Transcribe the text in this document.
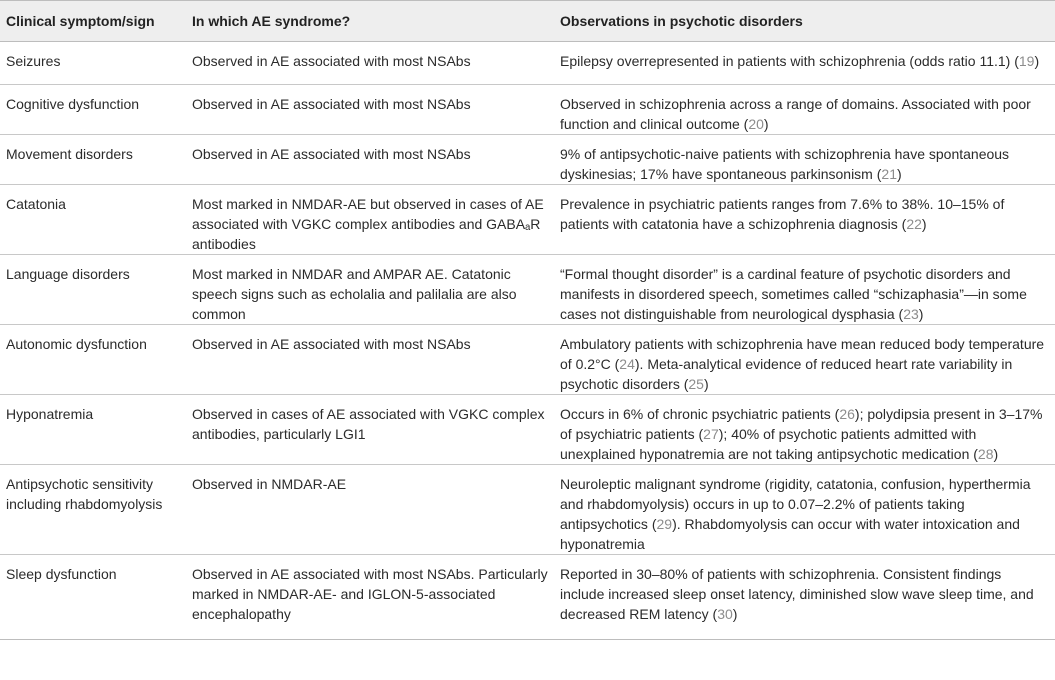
Clinical symptom/sign	In which AE syndrome?	Observations in psychotic disorders
Seizures	Observed in AE associated with most NSAbs	Epilepsy overrepresented in patients with schizophrenia (odds ratio 11.1) (19)
Cognitive dysfunction	Observed in AE associated with most NSAbs	Observed in schizophrenia across a range of domains. Associated with poor function and clinical outcome (20)
Movement disorders	Observed in AE associated with most NSAbs	9% of antipsychotic-naive patients with schizophrenia have spontaneous dyskinesias; 17% have spontaneous parkinsonism (21)
Catatonia	Most marked in NMDAR-AE but observed in cases of AE associated with VGKC complex antibodies and GABAₐR antibodies	Prevalence in psychiatric patients ranges from 7.6% to 38%. 10–15% of patients with catatonia have a schizophrenia diagnosis (22)
Language disorders	Most marked in NMDAR and AMPAR AE. Catatonic speech signs such as echolalia and palilalia are also common	“Formal thought disorder” is a cardinal feature of psychotic disorders and manifests in disordered speech, sometimes called “schizaphasia”—in some cases not distinguishable from neurological dysphasia (23)
Autonomic dysfunction	Observed in AE associated with most NSAbs	Ambulatory patients with schizophrenia have mean reduced body temperature of 0.2°C (24). Meta-analytical evidence of reduced heart rate variability in psychotic disorders (25)
Hyponatremia	Observed in cases of AE associated with VGKC complex antibodies, particularly LGI1	Occurs in 6% of chronic psychiatric patients (26); polydipsia present in 3–17% of psychiatric patients (27); 40% of psychotic patients admitted with unexplained hyponatremia are not taking antipsychotic medication (28)
Antipsychotic sensitivity including rhabdomyolysis	Observed in NMDAR-AE	Neuroleptic malignant syndrome (rigidity, catatonia, confusion, hyperthermia and rhabdomyolysis) occurs in up to 0.07–2.2% of patients taking antipsychotics (29). Rhabdomyolysis can occur with water intoxication and hyponatremia
Sleep dysfunction	Observed in AE associated with most NSAbs. Particularly marked in NMDAR-AE- and IGLON-5-associated encephalopathy	Reported in 30–80% of patients with schizophrenia. Consistent findings include increased sleep onset latency, diminished slow wave sleep time, and decreased REM latency (30)
